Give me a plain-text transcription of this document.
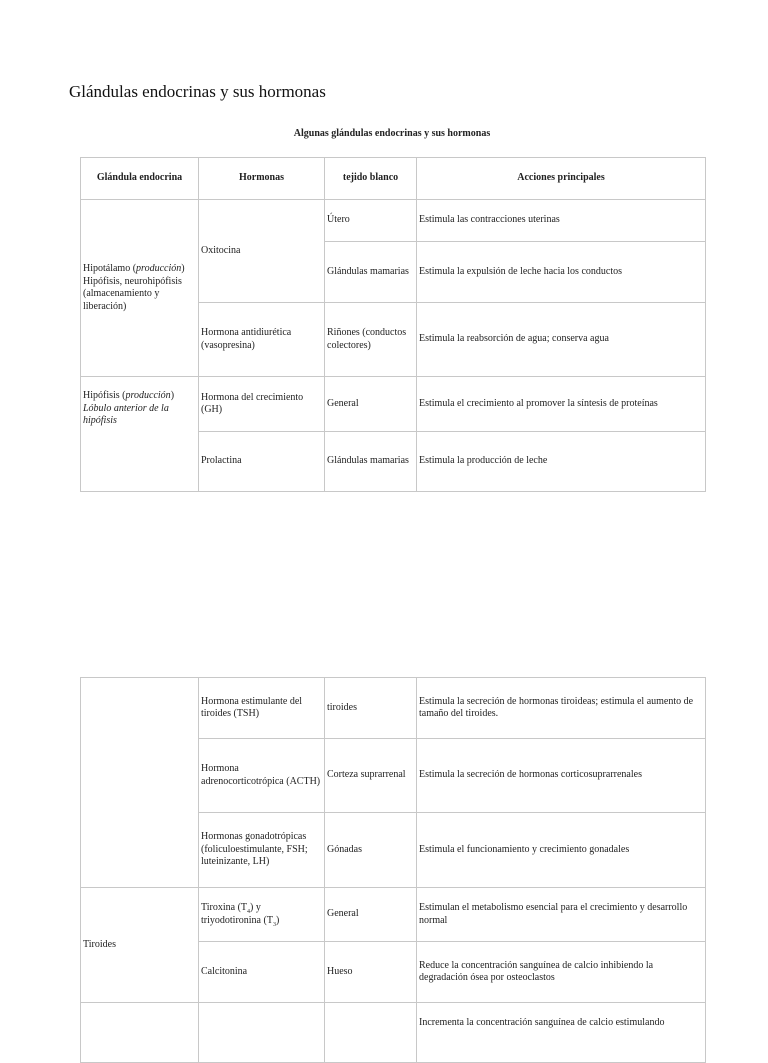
Glándulas endocrinas y sus hormonas

Algunas glándulas endocrinas y sus hormonas

Glándula endocrina	Hormonas	tejido blanco	Acciones principales
Hipotálamo (producción) Hipófisis, neurohipófisis (almacenamiento y liberación)	Oxitocina	Útero	Estimula las contracciones uterinas
		Glándulas mamarias	Estimula la expulsión de leche hacia los conductos
	Hormona antidiurética (vasopresina)	Riñones (conductos colectores)	Estimula la reabsorción de agua; conserva agua
Hipófisis (producción) Lóbulo anterior de la hipófisis	Hormona del crecimiento (GH)	General	Estimula el crecimiento al promover la síntesis de proteínas
	Prolactina	Glándulas mamarias	Estimula la producción de leche
	Hormona estimulante del tiroides (TSH)	tiroides	Estimula la secreción de hormonas tiroideas; estimula el aumento de tamaño del tiroides.
	Hormona adrenocorticotrópica (ACTH)	Corteza suprarrenal	Estimula la secreción de hormonas corticosuprarrenales
	Hormonas gonadotrópicas (foliculoestimulante, FSH; luteinizante, LH)	Gónadas	Estimula el funcionamiento y crecimiento gonadales
Tiroides	Tiroxina $(T_4)$ y triyodotironina $(T_3)$	General	Estimulan el metabolismo esencial para el crecimiento y desarrollo normal
	Calcitonina	Hueso	Reduce la concentración sanguínea de calcio inhibiendo la degradación ósea por osteoclastos
			Incrementa la concentración sanguínea de calcio estimulando
